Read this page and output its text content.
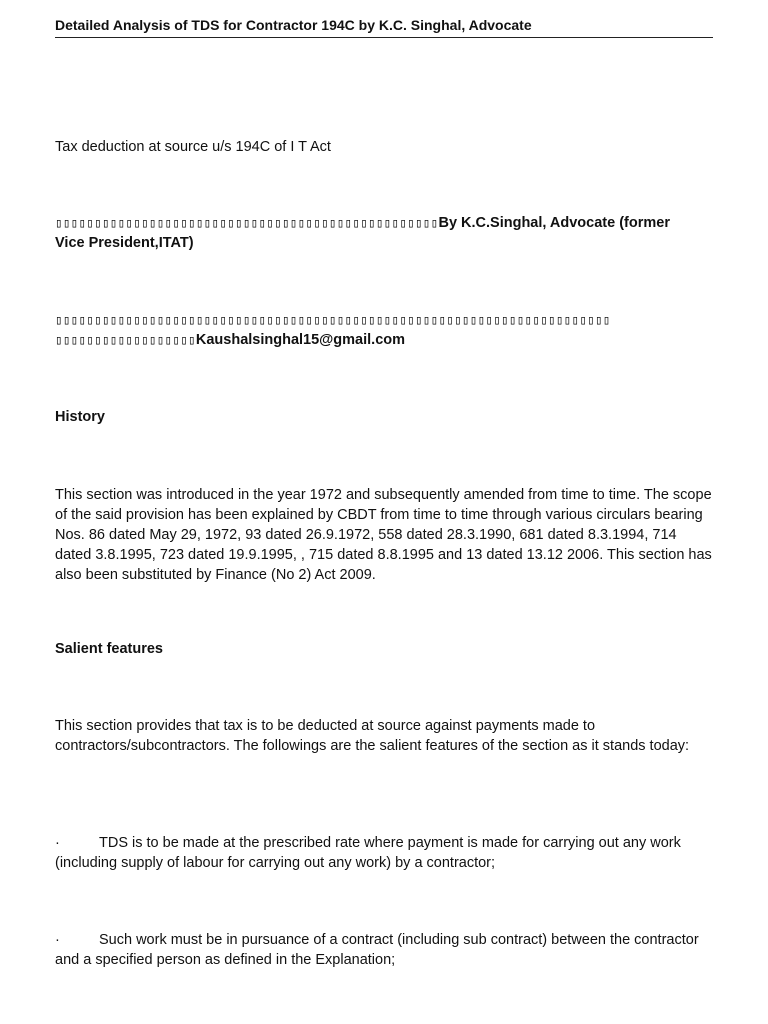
Detailed Analysis of TDS for Contractor 194C by K.C. Singhal, Advocate

Tax deduction at source u/s 194C of I T Act

▯▯▯▯▯▯▯▯▯▯▯▯▯▯▯▯▯▯▯▯▯▯▯▯▯▯▯▯▯▯▯▯▯▯▯▯▯▯▯▯▯▯▯▯▯▯▯▯▯By K.C.Singhal, Advocate (former
Vice President,ITAT)

▯▯▯▯▯▯▯▯▯▯▯▯▯▯▯▯▯▯▯▯▯▯▯▯▯▯▯▯▯▯▯▯▯▯▯▯▯▯▯▯▯▯▯▯▯▯▯▯▯▯▯▯▯▯▯▯▯▯▯▯▯▯▯▯▯▯▯▯▯▯▯
▯▯▯▯▯▯▯▯▯▯▯▯▯▯▯▯▯▯Kaushalsinghal15@gmail.com

History

This section was introduced in the year 1972 and subsequently amended from time to time. The scope of the said provision has been explained by CBDT from time to time through various circulars bearing Nos. 86 dated May 29, 1972, 93 dated 26.9.1972, 558 dated 28.3.1990, 681 dated 8.3.1994, 714 dated 3.8.1995, 723 dated 19.9.1995, , 715 dated 8.8.1995 and 13 dated 13.12 2006. This section has also been substituted by Finance (No 2) Act 2009.

Salient features

This section provides that tax is to be deducted at source against payments made to contractors/subcontractors. The followings are the salient features of the section as it stands today:

·	TDS is to be made at the prescribed rate where payment is made for carrying out any work (including supply of labour for carrying out any work) by a contractor;

·	Such work must be in pursuance of a contract (including sub contract) between the contractor and a specified person as defined in the Explanation;
